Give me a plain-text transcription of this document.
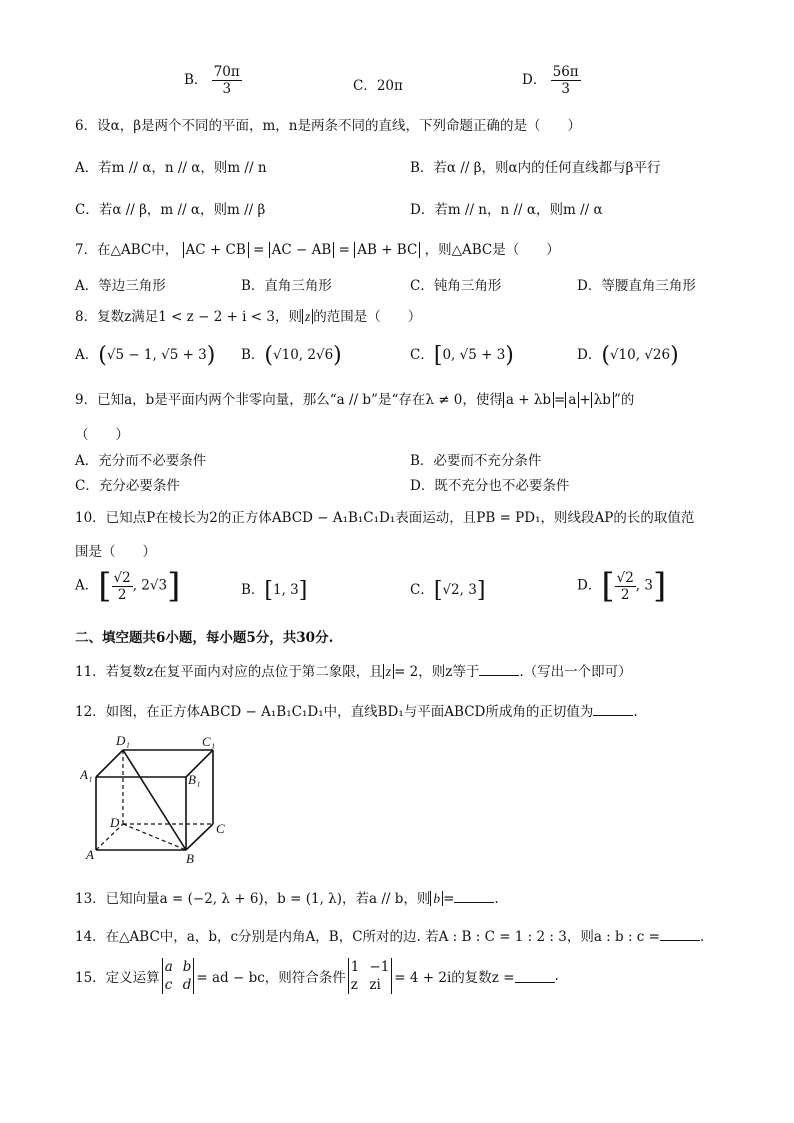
B． $\frac{70\pi}{3}$	C．20π	D． $\frac{56\pi}{3}$
6．设α，β是两个不同的平面，m，n是两条不同的直线，下列命题正确的是（　　）
A．若m // α，n // α，则m // n	B．若α // β，则α内的任何直线都与β平行
C．若α // β，m // α，则m // β	D．若m // n，n // α，则m // α
7．在△ABC中， AC + CB = AC − AB = AB + BC ，则△ABC是（　　）
A．等边三角形	B．直角三角形	C．钝角三角形	D．等腰直角三角形
8．复数z满足1 < z − 2 + i < 3，则 z 的范围是（　　）
A．(√5 − 1, √5 + 3) B．(√10, 2√6)	C．[0, √5 + 3)	D．(√10, √26)
9．已知a，b是平面内两个非零向量，那么“a // b”是“存在λ ≠ 0，使得 a + λb = a + λb ”的
（　　）
A．充分而不必要条件	B．必要而不充分条件
C．充分必要条件	D．既不充分也不必要条件
10．已知点P在棱长为2的正方体ABCD − A₁B₁C₁D₁表面运动，且PB = PD₁，则线段AP的长的取值范
围是（　　）
A．[ $\frac{√2}{2}$ , 2√3]	B．[1, 3]	C．[√2, 3]	D．[ $\frac{√2}{2}$ , 3]
二、填空题共6小题，每小题5分，共30分.
11．若复数z在复平面内对应的点位于第二象限，且 z = 2，则z等于	.（写出一个即可）
12．如图，在正方体ABCD − A₁B₁C₁D₁中，直线BD₁与平面ABCD所成角的正切值为	.
D₁	C₁
A₁	B₁
D	C
A	B
13．已知向量a = (−2, λ + 6)，b = (1, λ)，若a // b，则 b =	.
14．在△ABC中，a，b，c分别是内角A，B，C所对的边. 若A : B : C = 1 : 2 : 3，则a : b : c =	.
15．定义运算
a b
c d = ad − bc，则符合条件
1 −1
z zi = 4 + 2i的复数z =	.
